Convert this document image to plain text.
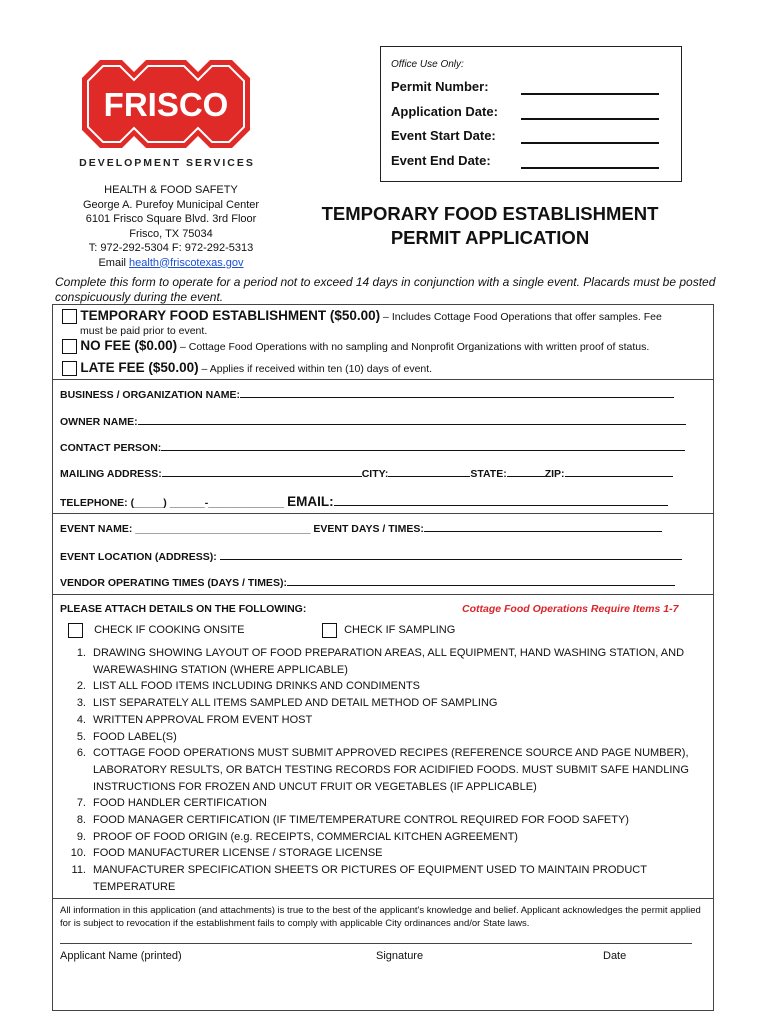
Office Use Only:
Permit Number:
Application Date:
Event Start Date:
Event End Date:
FRISCO
DEVELOPMENT SERVICES
HEALTH & FOOD SAFETY
George A. Purefoy Municipal Center
6101 Frisco Square Blvd. 3rd Floor
Frisco, TX 75034
T: 972-292-5304 F: 972-292-5313
Email health@friscotexas.gov
TEMPORARY FOOD ESTABLISHMENT
PERMIT APPLICATION
Complete this form to operate for a period not to exceed 14 days in conjunction with a single event. Placards must be posted conspicuously during the event.
TEMPORARY FOOD ESTABLISHMENT ($50.00) – Includes Cottage Food Operations that offer samples. Fee
must be paid prior to event.
NO FEE ($0.00) – Cottage Food Operations with no sampling and Nonprofit Organizations with written proof of status.
LATE FEE ($50.00) – Applies if received within ten (10) days of event.
BUSINESS / ORGANIZATION NAME:
OWNER NAME:
CONTACT PERSON:
MAILING ADDRESS:	CITY:	STATE:	ZIP:
TELEPHONE: (_____) ______-_____________ EMAIL:
EVENT NAME: ______________________________ EVENT DAYS / TIMES:
EVENT LOCATION (ADDRESS):
VENDOR OPERATING TIMES (DAYS / TIMES):
PLEASE ATTACH DETAILS ON THE FOLLOWING:	Cottage Food Operations Require Items 1-7
CHECK IF COOKING ONSITE	CHECK IF SAMPLING
1. DRAWING SHOWING LAYOUT OF FOOD PREPARATION AREAS, ALL EQUIPMENT, HAND WASHING STATION, AND WAREWASHING STATION (WHERE APPLICABLE)
2. LIST ALL FOOD ITEMS INCLUDING DRINKS AND CONDIMENTS
3. LIST SEPARATELY ALL ITEMS SAMPLED AND DETAIL METHOD OF SAMPLING
4. WRITTEN APPROVAL FROM EVENT HOST
5. FOOD LABEL(S)
6. COTTAGE FOOD OPERATIONS MUST SUBMIT APPROVED RECIPES (REFERENCE SOURCE AND PAGE NUMBER), LABORATORY RESULTS, OR BATCH TESTING RECORDS FOR ACIDIFIED FOODS. MUST SUBMIT SAFE HANDLING INSTRUCTIONS FOR FROZEN AND UNCUT FRUIT OR VEGETABLES (IF APPLICABLE)
7. FOOD HANDLER CERTIFICATION
8. FOOD MANAGER CERTIFICATION (IF TIME/TEMPERATURE CONTROL REQUIRED FOR FOOD SAFETY)
9. PROOF OF FOOD ORIGIN (e.g. RECEIPTS, COMMERCIAL KITCHEN AGREEMENT)
10. FOOD MANUFACTURER LICENSE / STORAGE LICENSE
11. MANUFACTURER SPECIFICATION SHEETS OR PICTURES OF EQUIPMENT USED TO MAINTAIN PRODUCT TEMPERATURE
All information in this application (and attachments) is true to the best of the applicant's knowledge and belief. Applicant acknowledges the permit applied for is subject to revocation if the establishment fails to comply with applicable City ordinances and/or State laws.
Applicant Name (printed)	Signature	Date
